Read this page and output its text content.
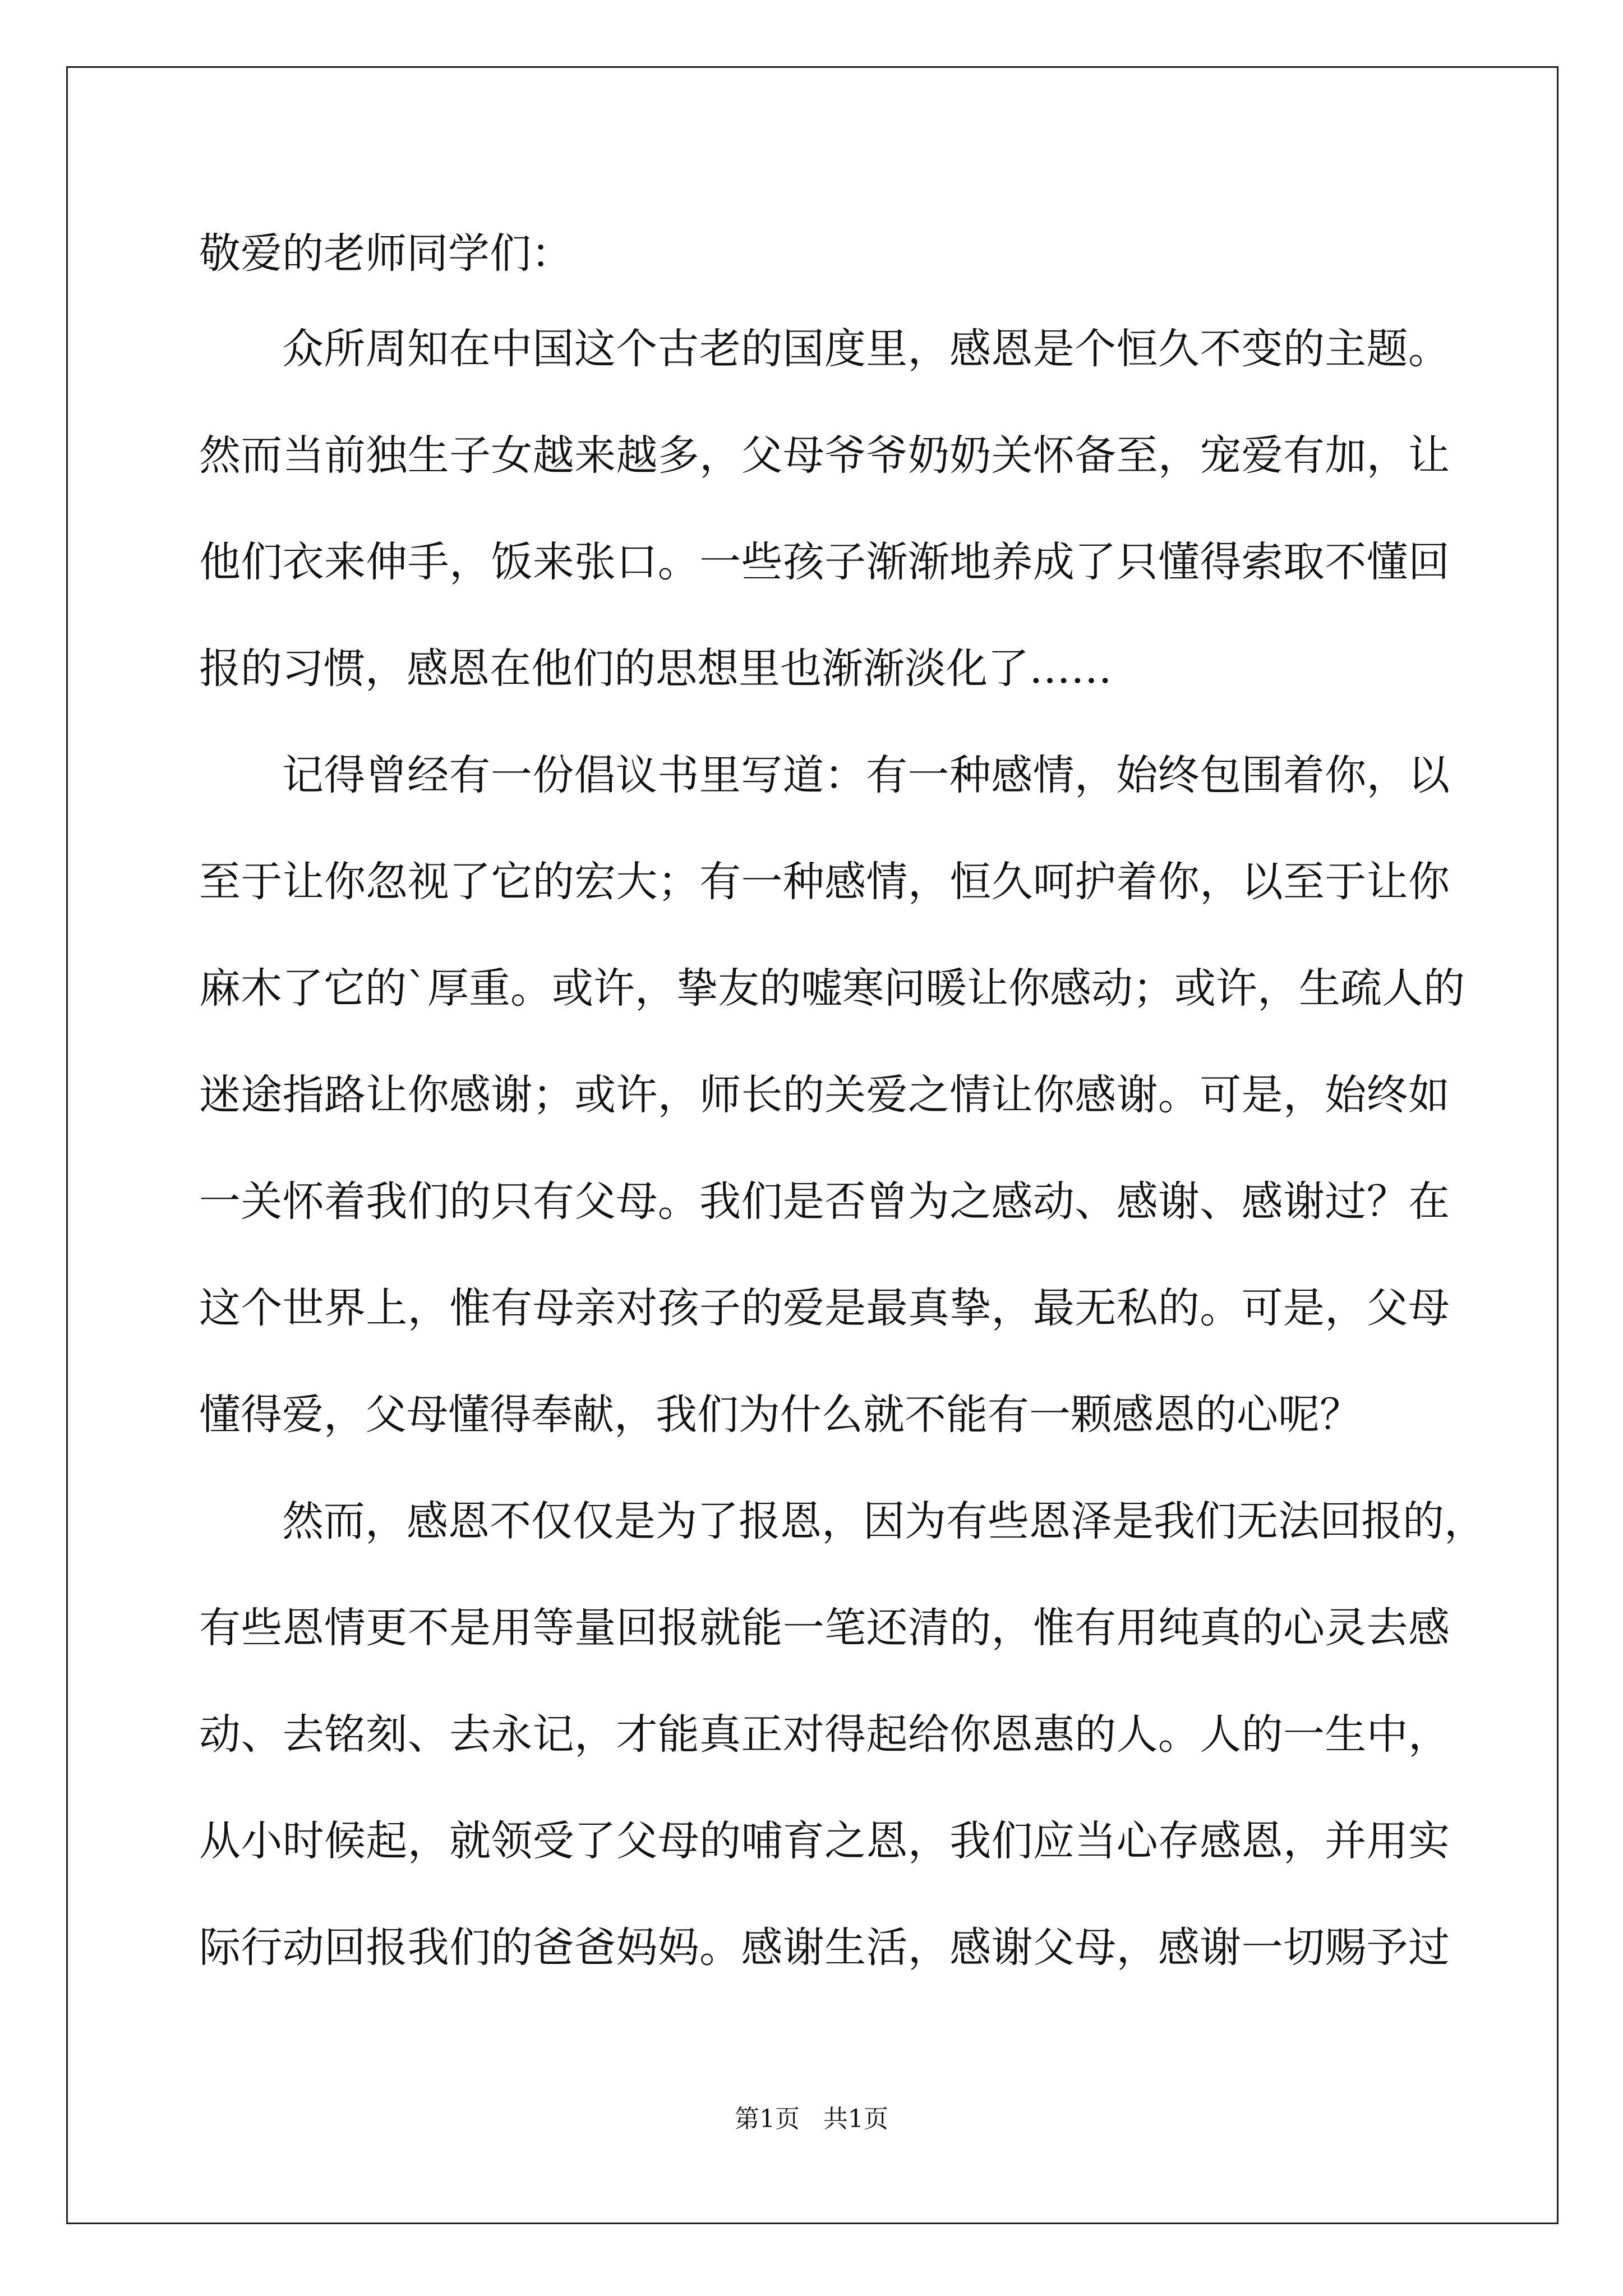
敬爱的老师同学们：
众所周知在中国这个古老的国度里，感恩是个恒久不变的主题。
然而当前独生子女越来越多，父母爷爷奶奶关怀备至，宠爱有加，让
他们衣来伸手，饭来张口。一些孩子渐渐地养成了只懂得索取不懂回
报的习惯，感恩在他们的思想里也渐渐淡化了……
记得曾经有一份倡议书里写道：有一种感情，始终包围着你，以
至于让你忽视了它的宏大；有一种感情，恒久呵护着你，以至于让你
麻木了它的`厚重。或许，挚友的嘘寒问暖让你感动；或许，生疏人的
迷途指路让你感谢；或许，师长的关爱之情让你感谢。可是，始终如
一关怀着我们的只有父母。我们是否曾为之感动、感谢、感谢过？在
这个世界上，惟有母亲对孩子的爱是最真挚，最无私的。可是，父母
懂得爱，父母懂得奉献，我们为什么就不能有一颗感恩的心呢？
然而，感恩不仅仅是为了报恩，因为有些恩泽是我们无法回报的，
有些恩情更不是用等量回报就能一笔还清的，惟有用纯真的心灵去感
动、去铭刻、去永记，才能真正对得起给你恩惠的人。人的一生中，
从小时候起，就领受了父母的哺育之恩，我们应当心存感恩，并用实
际行动回报我们的爸爸妈妈。感谢生活，感谢父母，感谢一切赐予过
第1页   共1页
